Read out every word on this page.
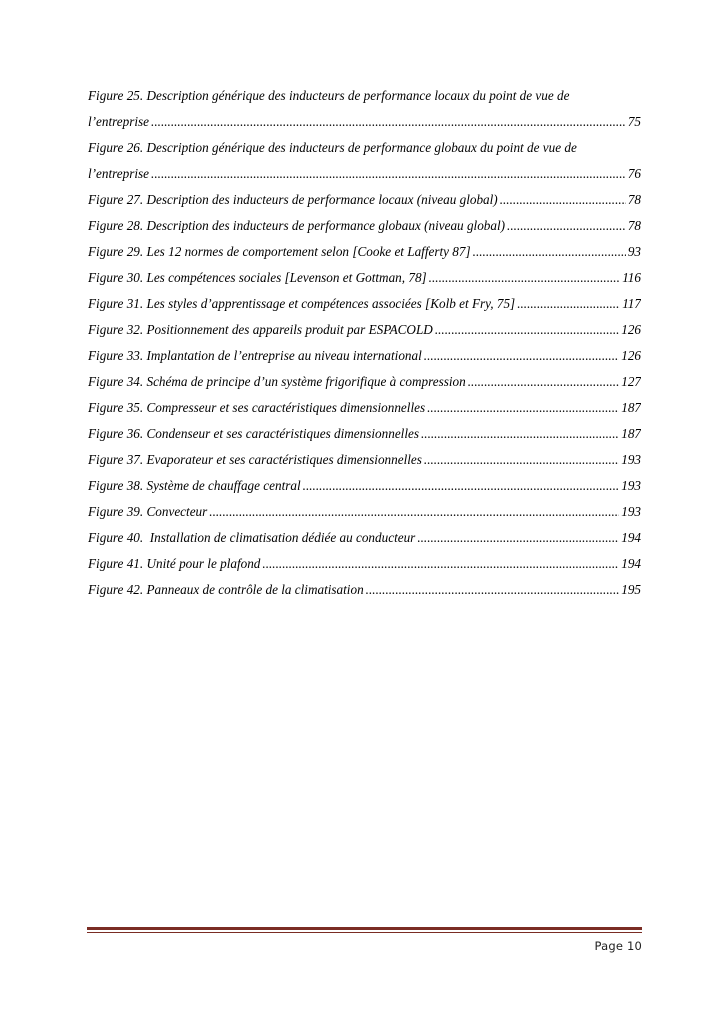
Figure 25. Description générique des inducteurs de performance locaux du point de vue de
l’entreprise .....	75
Figure 26. Description générique des inducteurs de performance globaux du point de vue de
l’entreprise .....	76
Figure 27. Description des inducteurs de performance locaux (niveau global) .....	78
Figure 28. Description des inducteurs de performance globaux (niveau global) .....	78
Figure 29. Les 12 normes de comportement selon [Cooke et Lafferty 87] .....	93
Figure 30. Les compétences sociales [Levenson et Gottman, 78] .....	116
Figure 31. Les styles d’apprentissage et compétences associées [Kolb et Fry, 75] .....	117
Figure 32. Positionnement des appareils produit par ESPACOLD .....	126
Figure 33. Implantation de l’entreprise au niveau international .....	126
Figure 34. Schéma de principe d’un système frigorifique à compression .....	127
Figure 35. Compresseur et ses caractéristiques dimensionnelles .....	187
Figure 36. Condenseur et ses caractéristiques dimensionnelles .....	187
Figure 37. Evaporateur et ses caractéristiques dimensionnelles .....	193
Figure 38. Système de chauffage central .....	193
Figure 39. Convecteur .....	193
Figure 40.  Installation de climatisation dédiée au conducteur .....	194
Figure 41. Unité pour le plafond .....	194
Figure 42. Panneaux de contrôle de la climatisation .....	195
Page 10
